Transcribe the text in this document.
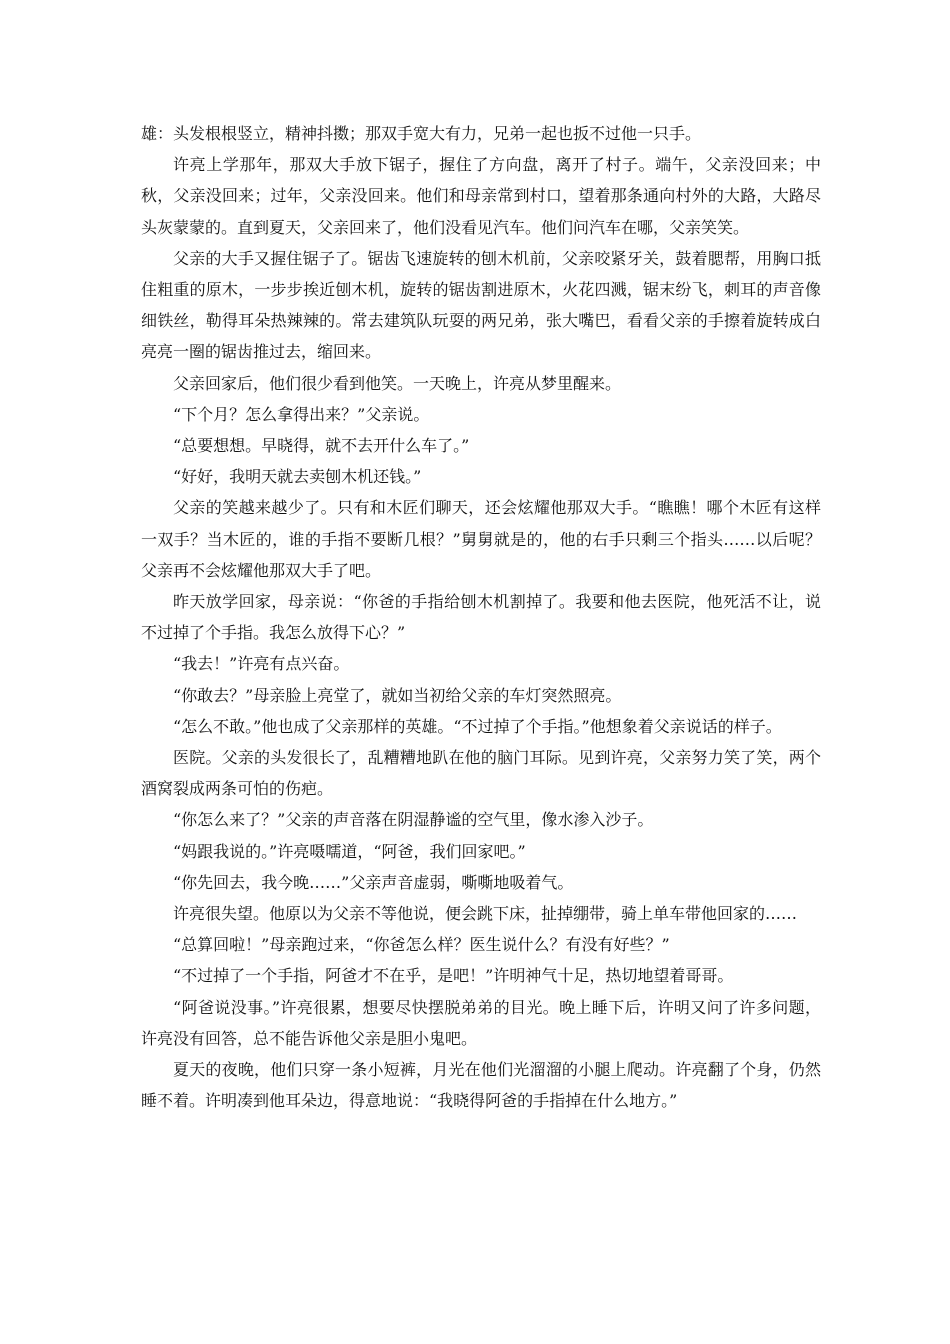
雄：头发根根竖立，精神抖擞；那双手宽大有力，兄弟一起也扳不过他一只手。

许亮上学那年，那双大手放下锯子，握住了方向盘，离开了村子。端午，父亲没回来；中秋，父亲没回来；过年，父亲没回来。他们和母亲常到村口，望着那条通向村外的大路，大路尽头灰蒙蒙的。直到夏天，父亲回来了，他们没看见汽车。他们问汽车在哪，父亲笑笑。

父亲的大手又握住锯子了。锯齿飞速旋转的刨木机前，父亲咬紧牙关，鼓着腮帮，用胸口抵住粗重的原木，一步步挨近刨木机，旋转的锯齿割进原木，火花四溅，锯末纷飞，刺耳的声音像细铁丝，勒得耳朵热辣辣的。常去建筑队玩耍的两兄弟，张大嘴巴，看看父亲的手擦着旋转成白亮亮一圈的锯齿推过去，缩回来。

父亲回家后，他们很少看到他笑。一天晚上，许亮从梦里醒来。

“下个月？怎么拿得出来？”父亲说。

“总要想想。早晓得，就不去开什么车了。”

“好好，我明天就去卖刨木机还钱。”

父亲的笑越来越少了。只有和木匠们聊天，还会炫耀他那双大手。“瞧瞧！哪个木匠有这样一双手？当木匠的，谁的手指不要断几根？”舅舅就是的，他的右手只剩三个指头……以后呢？父亲再不会炫耀他那双大手了吧。

昨天放学回家，母亲说：“你爸的手指给刨木机割掉了。我要和他去医院，他死活不让，说不过掉了个手指。我怎么放得下心？”

“我去！”许亮有点兴奋。

“你敢去？”母亲脸上亮堂了，就如当初给父亲的车灯突然照亮。

“怎么不敢。”他也成了父亲那样的英雄。“不过掉了个手指。”他想象着父亲说话的样子。

医院。父亲的头发很长了，乱糟糟地趴在他的脑门耳际。见到许亮，父亲努力笑了笑，两个酒窝裂成两条可怕的伤疤。

“你怎么来了？”父亲的声音落在阴湿静谧的空气里，像水渗入沙子。

“妈跟我说的。”许亮嗫嚅道，“阿爸，我们回家吧。”

“你先回去，我今晚……”父亲声音虚弱，嘶嘶地吸着气。

许亮很失望。他原以为父亲不等他说，便会跳下床，扯掉绷带，骑上单车带他回家的……

“总算回啦！”母亲跑过来，“你爸怎么样？医生说什么？有没有好些？”

“不过掉了一个手指，阿爸才不在乎，是吧！”许明神气十足，热切地望着哥哥。

“阿爸说没事。”许亮很累，想要尽快摆脱弟弟的目光。晚上睡下后，许明又问了许多问题，许亮没有回答，总不能告诉他父亲是胆小鬼吧。

夏天的夜晚，他们只穿一条小短裤，月光在他们光溜溜的小腿上爬动。许亮翻了个身，仍然睡不着。许明凑到他耳朵边，得意地说：“我晓得阿爸的手指掉在什么地方。”
